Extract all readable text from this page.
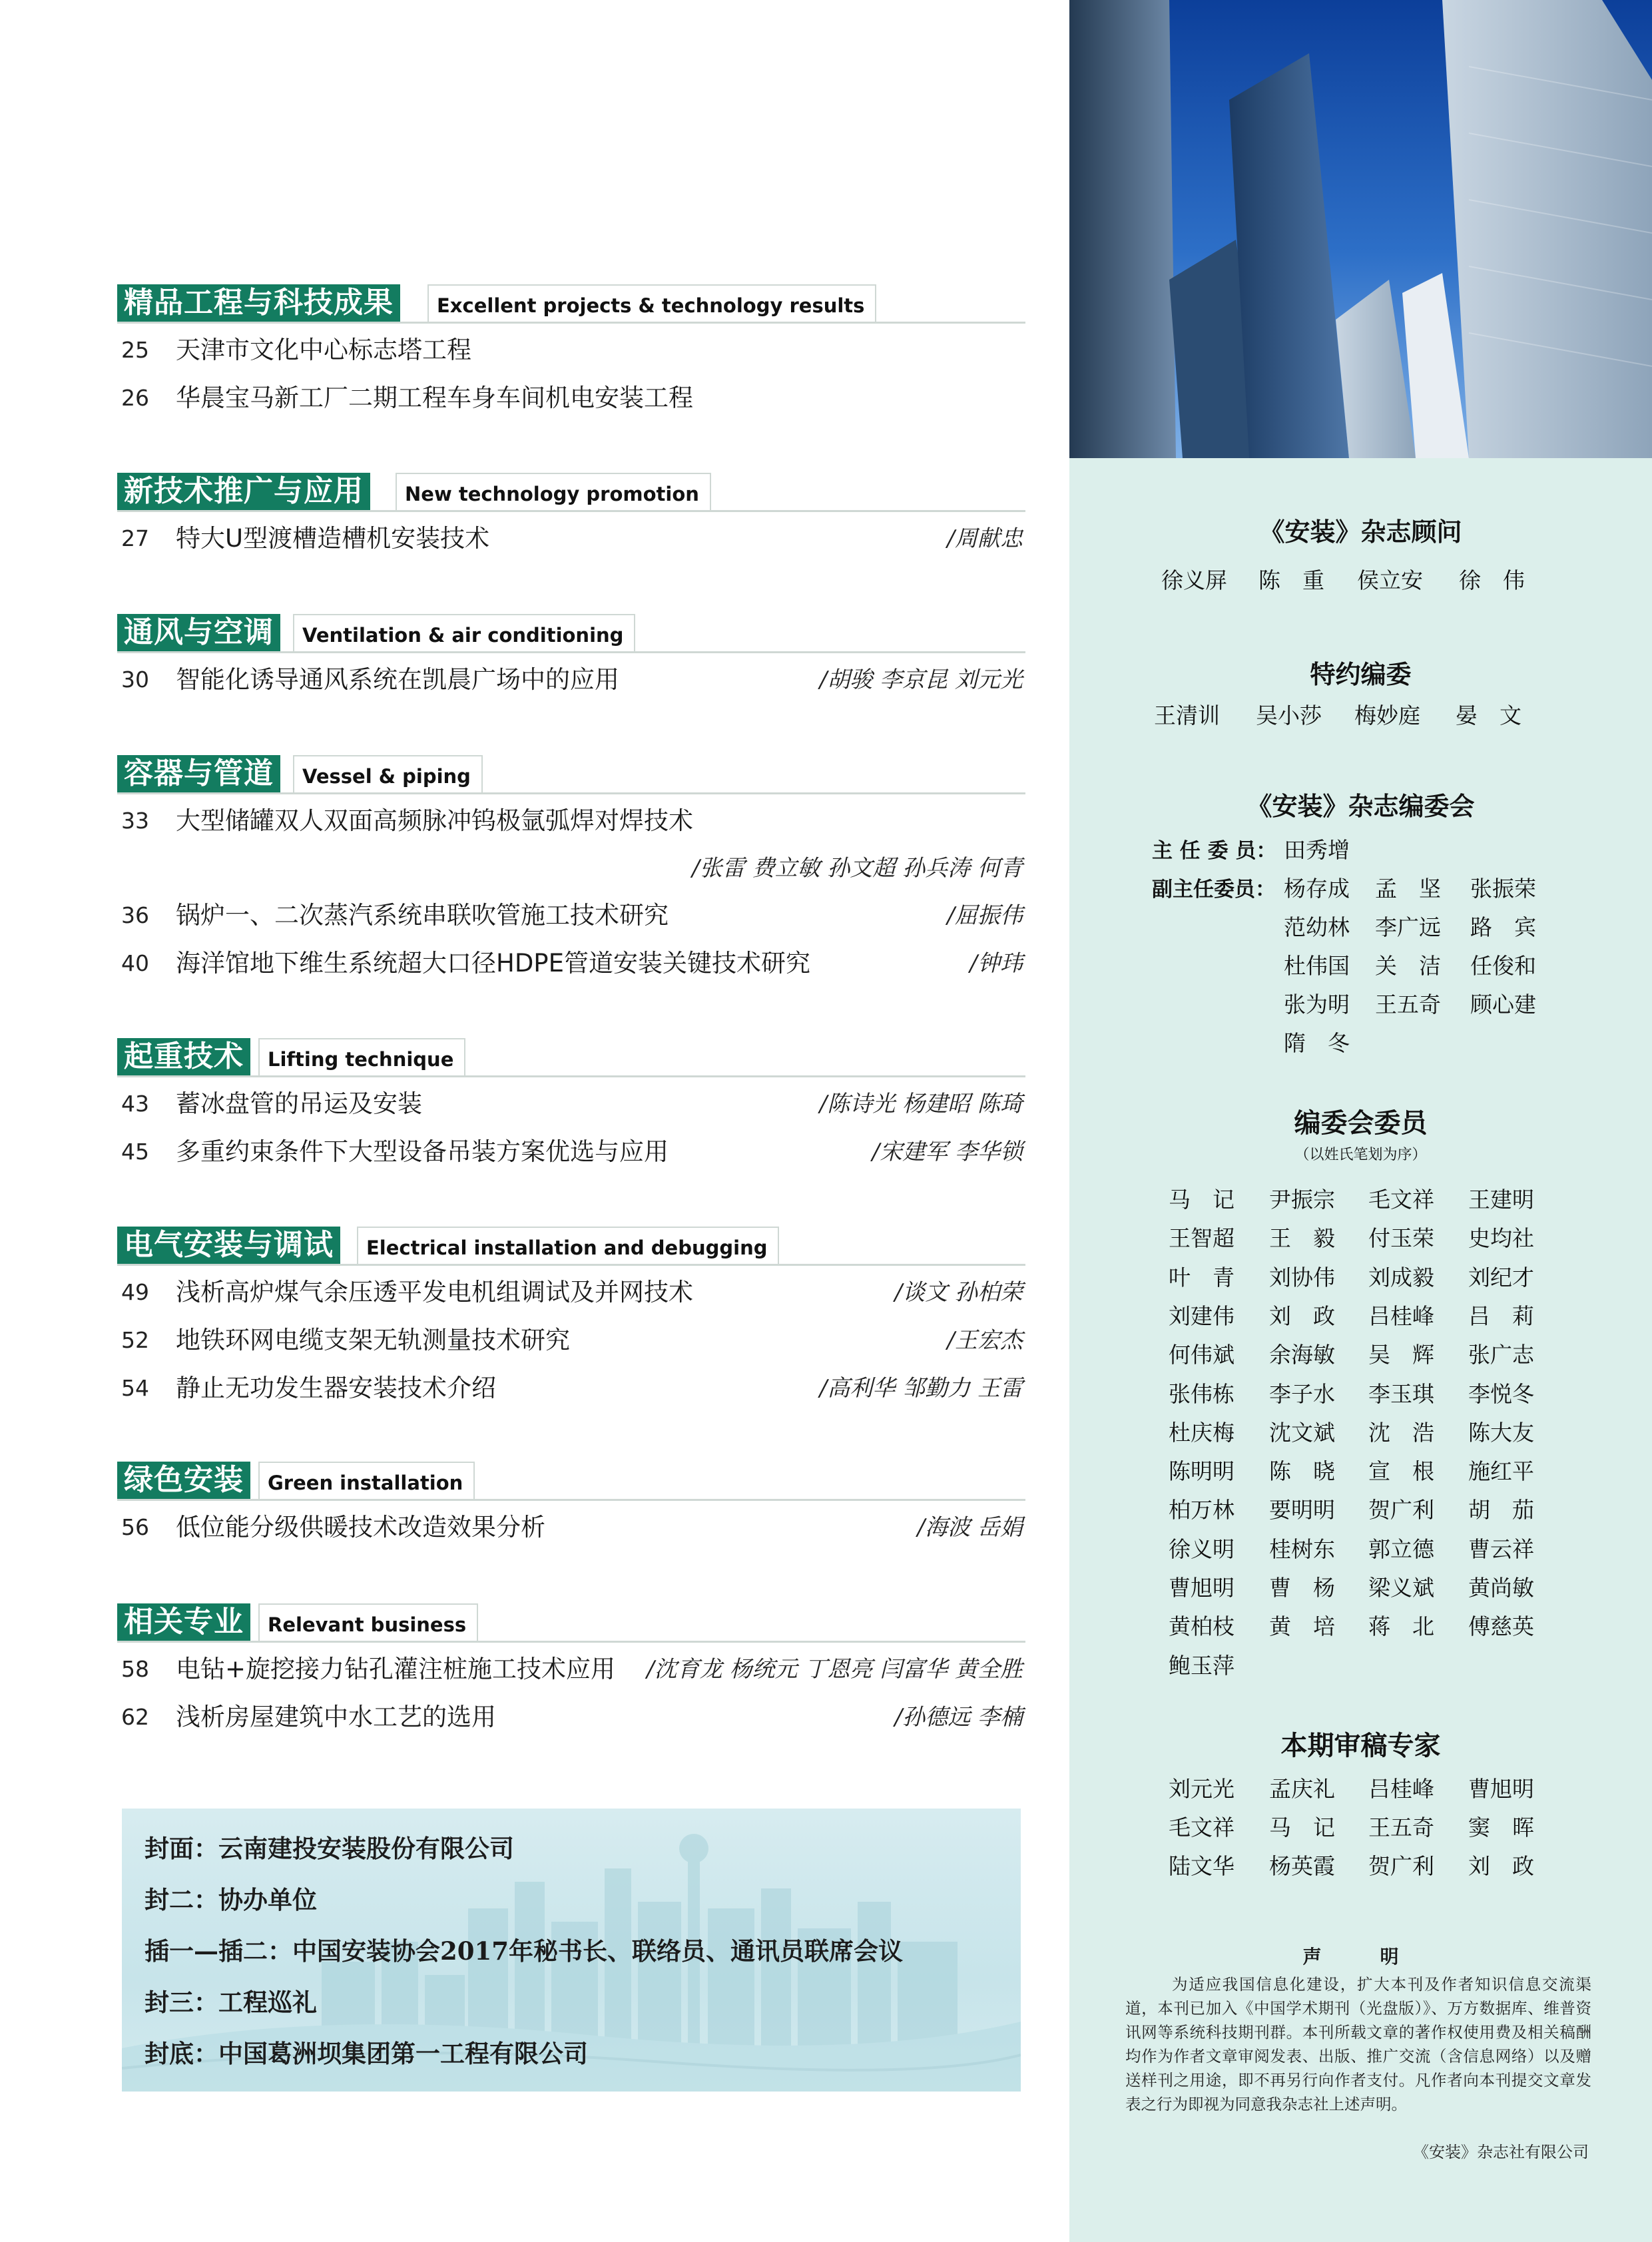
精品工程与科技成果	Excellent projects & technology results
25	天津市文化中心标志塔工程
26	华晨宝马新工厂二期工程车身车间机电安装工程
新技术推广与应用	New technology promotion
27	特大U型渡槽造槽机安装技术	/周献忠
通风与空调	Ventilation & air conditioning
30	智能化诱导通风系统在凯晨广场中的应用	/胡骏 李京昆 刘元光
容器与管道	Vessel & piping
33	大型储罐双人双面高频脉冲钨极氩弧焊对焊技术
/张雷 费立敏 孙文超 孙兵涛 何青
36	锅炉一、二次蒸汽系统串联吹管施工技术研究	/屈振伟
40	海洋馆地下维生系统超大口径HDPE管道安装关键技术研究	/钟玮
起重技术	Lifting technique
43	蓄冰盘管的吊运及安装	/陈诗光 杨建昭 陈琦
45	多重约束条件下大型设备吊装方案优选与应用	/宋建军 李华锁
电气安装与调试	Electrical installation and debugging
49	浅析高炉煤气余压透平发电机组调试及并网技术	/谈文 孙柏荣
52	地铁环网电缆支架无轨测量技术研究	/王宏杰
54	静止无功发生器安装技术介绍	/高利华 邹勤力 王雷
绿色安装	Green installation
56	低位能分级供暖技术改造效果分析	/海波 岳娟
相关专业	Relevant business
58	电钻+旋挖接力钻孔灌注桩施工技术应用 /沈育龙 杨统元 丁恩亮 闫富华 黄全胜
62	浅析房屋建筑中水工艺的选用	/孙德远 李楠
封面：云南建投安装股份有限公司
封二：协办单位
插一—插二：中国安装协会2017年秘书长、联络员、通讯员联席会议
封三：工程巡礼
封底：中国葛洲坝集团第一工程有限公司
《安装》杂志顾问
徐义屏 陈　重 侯立安 徐　伟
特约编委
王清训 吴小莎 梅妙庭 晏　文
《安装》杂志编委会
主 任 委 员： 田秀增
副主任委员： 杨存成 孟　坚 张振荣
范幼林 李广远 路　宾
杜伟国 关　洁 任俊和
张为明 王五奇 顾心建
隋　冬
编委会委员
（以姓氏笔划为序）
马　记 尹振宗 毛文祥 王建明
王智超 王　毅 付玉荣 史均社
叶　青 刘协伟 刘成毅 刘纪才
刘建伟 刘　政 吕桂峰 吕　莉
何伟斌 余海敏 吴　辉 张广志
张伟栋 李子水 李玉琪 李悦冬
杜庆梅 沈文斌 沈　浩 陈大友
陈明明 陈　晓 宣　根 施红平
柏万林 要明明 贺广利 胡　茄
徐义明 桂树东 郭立德 曹云祥
曹旭明 曹　杨 梁义斌 黄尚敏
黄柏枝 黄　培 蒋　北 傅慈英
鲍玉萍
本期审稿专家
刘元光 孟庆礼 吕桂峰 曹旭明
毛文祥 马　记 王五奇 窦　晖
陆文华 杨英霞 贺广利 刘　政
声　明
为适应我国信息化建设，扩大本刊及作者知识信息交流渠道，本刊已加入《中国学术期刊（光盘版）》、万方数据库、维普资讯网等系统科技期刊群。本刊所载文章的著作权使用费及相关稿酬均作为作者文章审阅发表、出版、推广交流（含信息网络）以及赠送样刊之用途，即不再另行向作者支付。凡作者向本刊提交文章发表之行为即视为同意我杂志社上述声明。
《安装》杂志社有限公司
